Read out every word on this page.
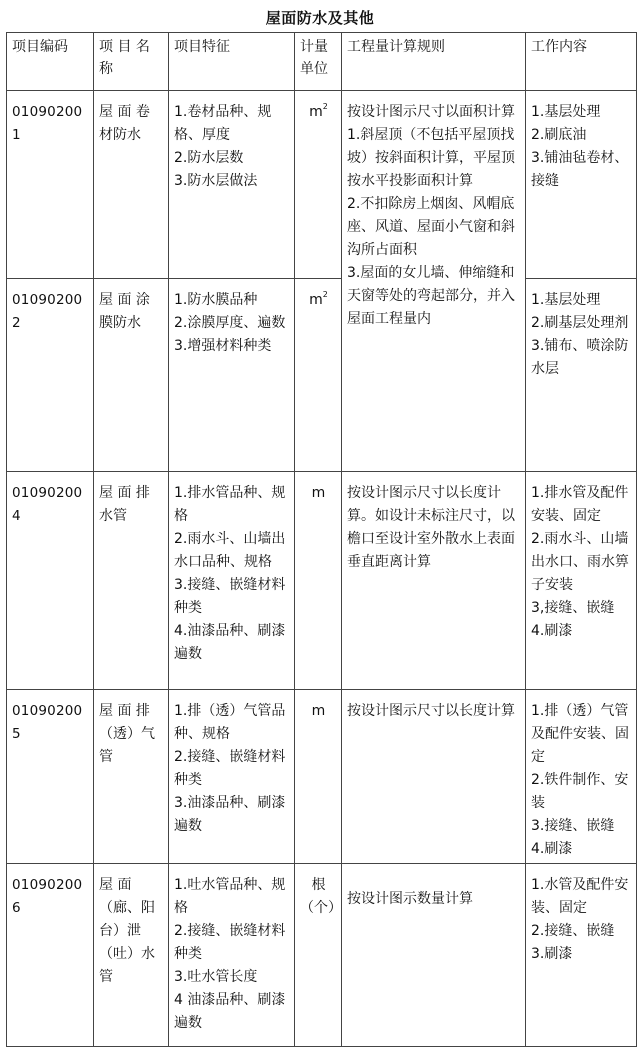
屋面防水及其他
项目编码	项 目 名 称	项目特征	计量 单位	工程量计算规则	工作内容
010902001	屋 面 卷 材防水	1.卷材品种、规格、厚度
2.防水层数
3.防水层做法	$m^2$	按设计图示尺寸以面积计算
1.斜屋顶（不包括平屋顶找坡）按斜面积计算，平屋顶按水平投影面积计算
2.不扣除房上烟囱、风帽底座、风道、屋面小气窗和斜沟所占面积
3.屋面的女儿墙、伸缩缝和天窗等处的弯起部分，并入屋面工程量内	1.基层处理
2.刷底油
3.铺油毡卷材、接缝

010902002	屋 面 涂 膜防水	1.防水膜品种
2.涂膜厚度、遍数
3.增强材料种类	$m^2$		1.基层处理
2.刷基层处理剂
3.铺布、喷涂防水层

010902004	屋 面 排 水管	1.排水管品种、规格
2.雨水斗、山墙出水口品种、规格
3.接缝、嵌缝材料种类
4.油漆品种、刷漆遍数	m	按设计图示尺寸以长度计算。如设计未标注尺寸，以檐口至设计室外散水上表面垂直距离计算	1.排水管及配件安装、固定
2.雨水斗、山墙出水口、雨水箅子安装
3,接缝、嵌缝
4.刷漆

010902005	屋 面 排（透）气管	1.排（透）气管品种、规格
2.接缝、嵌缝材料种类
3.油漆品种、刷漆遍数	m	按设计图示尺寸以长度计算	1.排（透）气管及配件安装、固定
2.铁件制作、安装
3.接缝、嵌缝
4.刷漆

010902006	屋 面（廊、阳台）泄（吐）水管	1.吐水管品种、规格
2.接缝、嵌缝材料种类
3.吐水管长度
4 油漆品种、刷漆遍数	根（个）	按设计图示数量计算	1.水管及配件安装、固定
2.接缝、嵌缝
3.刷漆
